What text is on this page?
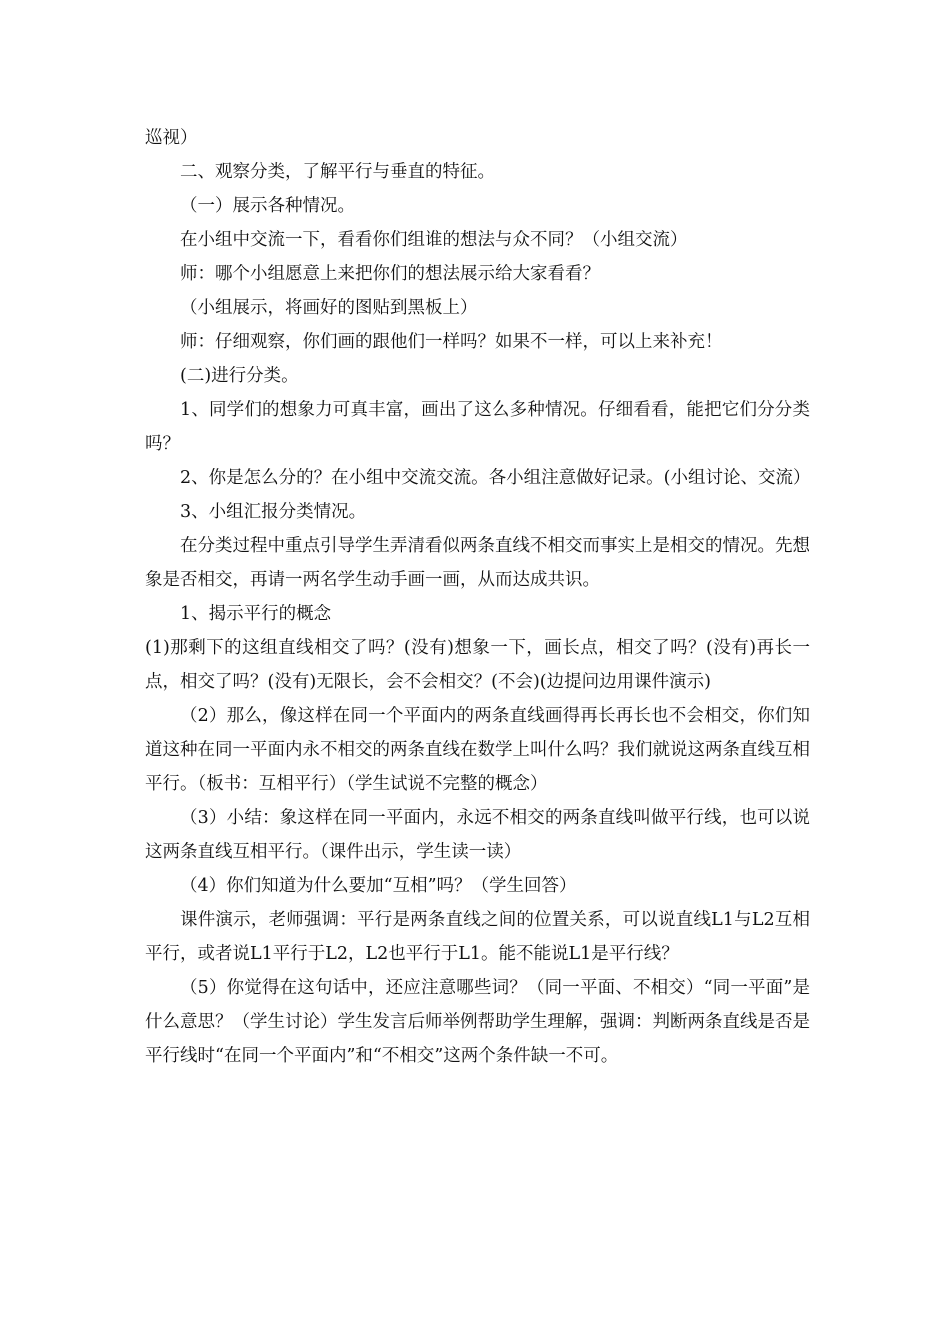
巡视）

二、观察分类，了解平行与垂直的特征。

（一）展示各种情况。

在小组中交流一下，看看你们组谁的想法与众不同？（小组交流）

师：哪个小组愿意上来把你们的想法展示给大家看看？

（小组展示，将画好的图贴到黑板上）

师：仔细观察，你们画的跟他们一样吗？如果不一样，可以上来补充！

(二)进行分类。

1、同学们的想象力可真丰富，画出了这么多种情况。仔细看看，能把它们分分类吗？

2、你是怎么分的？在小组中交流交流。各小组注意做好记录。(小组讨论、交流）

3、小组汇报分类情况。

在分类过程中重点引导学生弄清看似两条直线不相交而事实上是相交的情况。先想象是否相交，再请一两名学生动手画一画，从而达成共识。

1、揭示平行的概念

(1)那剩下的这组直线相交了吗？(没有)想象一下，画长点，相交了吗？(没有)再长一点，相交了吗？(没有)无限长，会不会相交？(不会)(边提问边用课件演示)

（2）那么，像这样在同一个平面内的两条直线画得再长再长也不会相交，你们知道这种在同一平面内永不相交的两条直线在数学上叫什么吗？我们就说这两条直线互相平行。（板书：互相平行）（学生试说不完整的概念）

（3）小结：象这样在同一平面内，永远不相交的两条直线叫做平行线，也可以说这两条直线互相平行。（课件出示，学生读一读）

（4）你们知道为什么要加“互相”吗？（学生回答）

课件演示，老师强调：平行是两条直线之间的位置关系，可以说直线L1与L2互相平行，或者说L1平行于L2，L2也平行于L1。能不能说L1是平行线？

（5）你觉得在这句话中，还应注意哪些词？（同一平面、不相交）“同一平面”是什么意思？（学生讨论）学生发言后师举例帮助学生理解，强调：判断两条直线是否是平行线时“在同一个平面内”和“不相交”这两个条件缺一不可。
